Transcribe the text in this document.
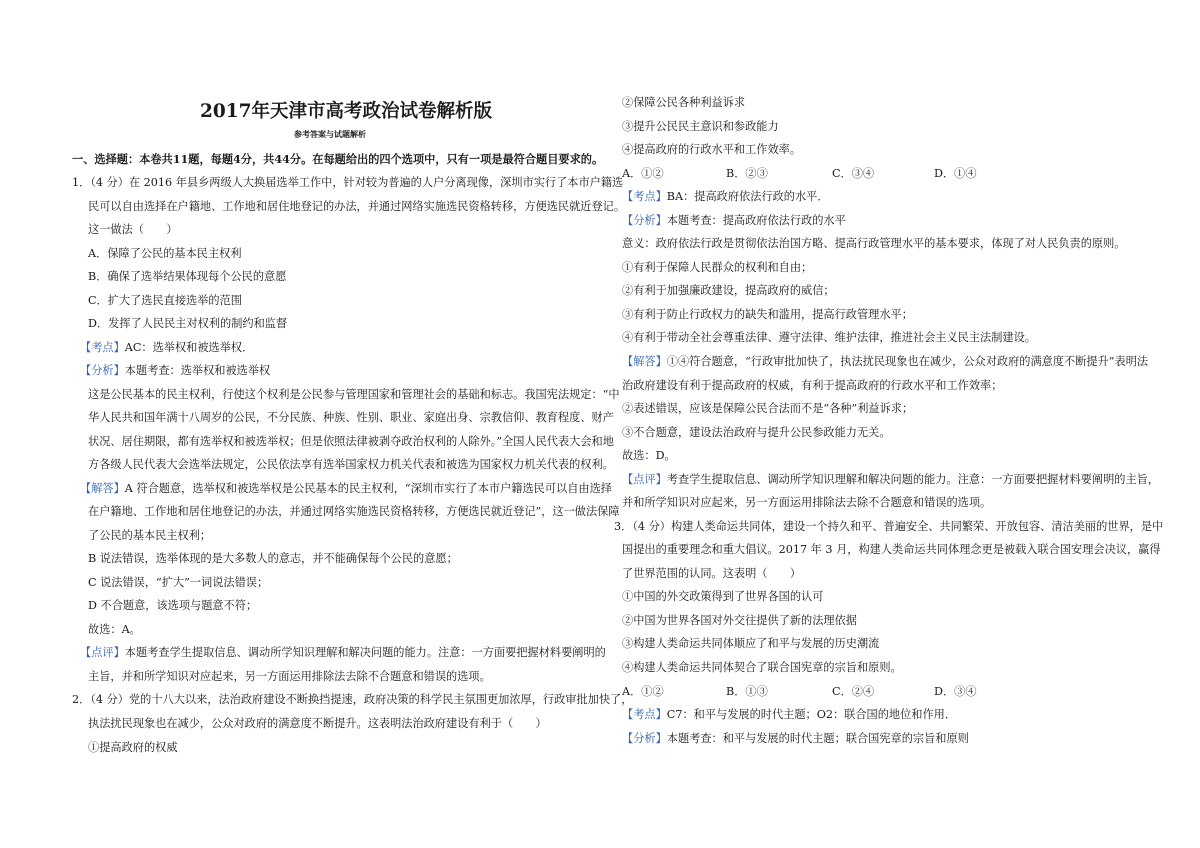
2017年天津市高考政治试卷解析版
参考答案与试题解析
一、选择题：本卷共11题，每题4分，共44分。在每题给出的四个选项中，只有一项是最符合题目要求的。
1．（4 分）在 2016 年县乡两级人大换届选举工作中，针对较为普遍的人户分离现像，深圳市实行了本市户籍选
民可以自由选择在户籍地、工作地和居住地登记的办法，并通过网络实施选民资格转移，方便选民就近登记。
这一做法（　　）
A．保障了公民的基本民主权利
B．确保了选举结果体现每个公民的意愿
C．扩大了选民直接选举的范围
D．发挥了人民民主对权利的制约和监督
【考点】AC：选举权和被选举权．
【分析】本题考查：选举权和被选举权
这是公民基本的民主权利，行使这个权利是公民参与管理国家和管理社会的基础和标志。我国宪法规定：“中
华人民共和国年满十八周岁的公民，不分民族、种族、性别、职业、家庭出身、宗教信仰、教育程度、财产
状况、居住期限，都有选举权和被选举权；但是依照法律被剥夺政治权利的人除外。”全国人民代表大会和地
方各级人民代表大会选举法规定，公民依法享有选举国家权力机关代表和被选为国家权力机关代表的权利。
【解答】A 符合题意，选举权和被选举权是公民基本的民主权利，“深圳市实行了本市户籍选民可以自由选择
在户籍地、工作地和居住地登记的办法，并通过网络实施选民资格转移，方便选民就近登记”，这一做法保障
了公民的基本民主权利；
B 说法错误，选举体现的是大多数人的意志，并不能确保每个公民的意愿；
C 说法错误，“扩大”一词说法错误；
D 不合题意，该选项与题意不符；
故选：A。
【点评】本题考查学生提取信息、调动所学知识理解和解决问题的能力。注意：一方面要把握材料要阐明的
主旨，并和所学知识对应起来，另一方面运用排除法去除不合题意和错误的选项。
2．（4 分）党的十八大以来，法治政府建设不断换挡提速，政府决策的科学民主氛围更加浓厚，行政审批加快了，
执法扰民现象也在减少，公众对政府的满意度不断提升。这表明法治政府建设有利于（　　）
①提高政府的权威
②保障公民各种利益诉求
③提升公民民主意识和参政能力
④提高政府的行政水平和工作效率。
A．①②	B．②③	C．③④	D．①④
【考点】BA：提高政府依法行政的水平．
【分析】本题考查：提高政府依法行政的水平
意义：政府依法行政是贯彻依法治国方略、提高行政管理水平的基本要求，体现了对人民负责的原则。
①有利于保障人民群众的权利和自由；
②有利于加强廉政建设，提高政府的威信；
③有利于防止行政权力的缺失和滥用，提高行政管理水平；
④有利于带动全社会尊重法律、遵守法律、维护法律，推进社会主义民主法制建设。
【解答】①④符合题意，“行政审批加快了，执法扰民现象也在减少，公众对政府的满意度不断提升”表明法
治政府建设有利于提高政府的权威，有利于提高政府的行政水平和工作效率；
②表述错误，应该是保障公民合法而不是“各种”利益诉求；
③不合题意，建设法治政府与提升公民参政能力无关。
故选：D。
【点评】考查学生提取信息、调动所学知识理解和解决问题的能力。注意：一方面要把握材料要阐明的主旨，
并和所学知识对应起来，另一方面运用排除法去除不合题意和错误的选项。
3．（4 分）构建人类命运共同体，建设一个持久和平、普遍安全、共同繁荣、开放包容、清洁美丽的世界，是中
国提出的重要理念和重大倡议。2017 年 3 月，构建人类命运共同体理念更是被载入联合国安理会决议，赢得
了世界范围的认同。这表明（　　）
①中国的外交政策得到了世界各国的认可
②中国为世界各国对外交往提供了新的法理依据
③构建人类命运共同体顺应了和平与发展的历史潮流
④构建人类命运共同体契合了联合国宪章的宗旨和原则。
A．①②	B．①③	C．②④	D．③④
【考点】C7：和平与发展的时代主题；O2：联合国的地位和作用．
【分析】本题考查：和平与发展的时代主题；联合国宪章的宗旨和原则
